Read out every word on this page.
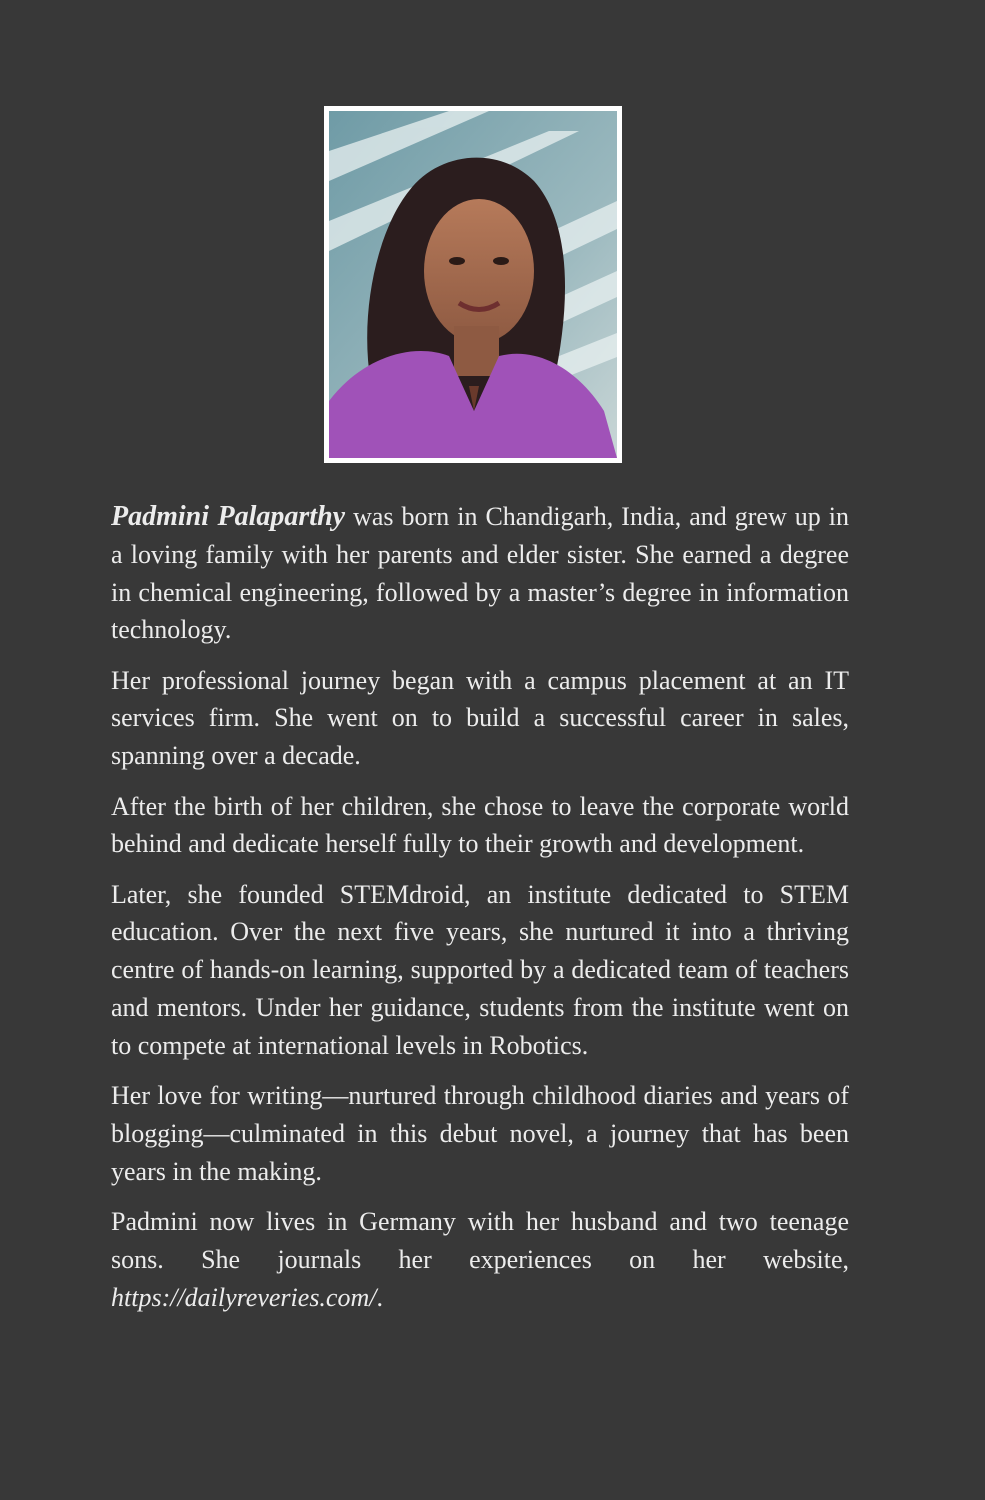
Padmini Palaparthy was born in Chandigarh, India, and grew up in a loving family with her parents and elder sister. She earned a degree in chemical engineering, followed by a master’s degree in information technology.

Her professional journey began with a campus placement at an IT services firm. She went on to build a successful career in sales, spanning over a decade.

After the birth of her children, she chose to leave the corporate world behind and dedicate herself fully to their growth and development.

Later, she founded STEMdroid, an institute dedicated to STEM education. Over the next five years, she nurtured it into a thriving centre of hands-on learning, supported by a dedicated team of teachers and mentors. Under her guidance, students from the institute went on to compete at international levels in Robotics.

Her love for writing—nurtured through childhood diaries and years of blogging—culminated in this debut novel, a journey that has been years in the making.

Padmini now lives in Germany with her husband and two teenage sons. She journals her experiences on her website, https://dailyreveries.com/.
